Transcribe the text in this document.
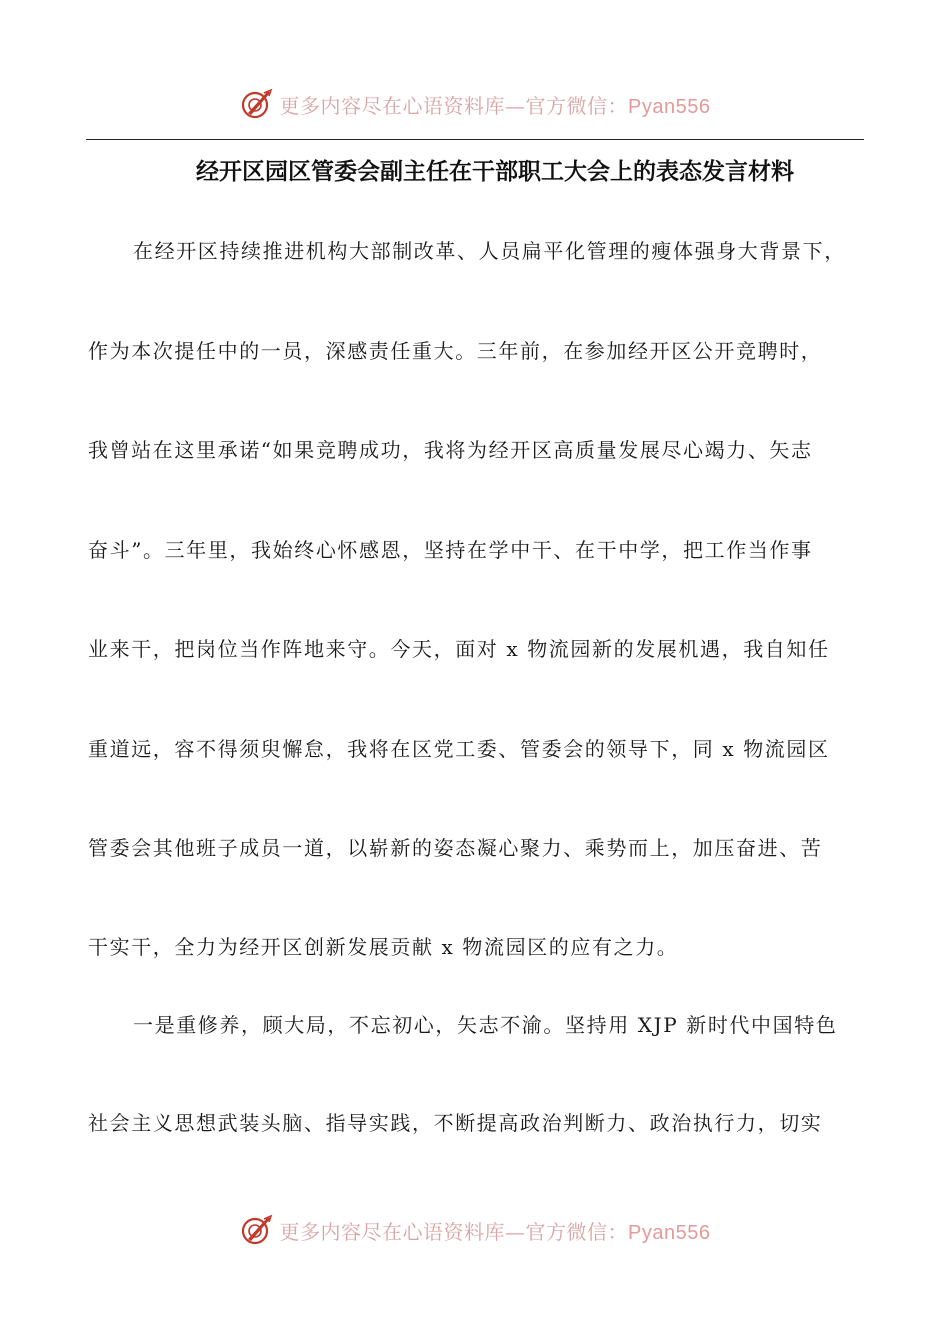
更多内容尽在心语资料库—官方微信：Pyan556
经开区园区管委会副主任在干部职工大会上的表态发言材料
在经开区持续推进机构大部制改革、人员扁平化管理的瘦体强身大背景下，
作为本次提任中的一员，深感责任重大。三年前，在参加经开区公开竞聘时，
我曾站在这里承诺“如果竞聘成功，我将为经开区高质量发展尽心竭力、矢志
奋斗”。三年里，我始终心怀感恩，坚持在学中干、在干中学，把工作当作事
业来干，把岗位当作阵地来守。今天，面对 x 物流园新的发展机遇，我自知任
重道远，容不得须臾懈怠，我将在区党工委、管委会的领导下，同 x 物流园区
管委会其他班子成员一道，以崭新的姿态凝心聚力、乘势而上，加压奋进、苦
干实干，全力为经开区创新发展贡献 x 物流园区的应有之力。
一是重修养，顾大局，不忘初心，矢志不渝。坚持用 XJP 新时代中国特色
社会主义思想武装头脑、指导实践，不断提高政治判断力、政治执行力，切实
更多内容尽在心语资料库—官方微信：Pyan556
